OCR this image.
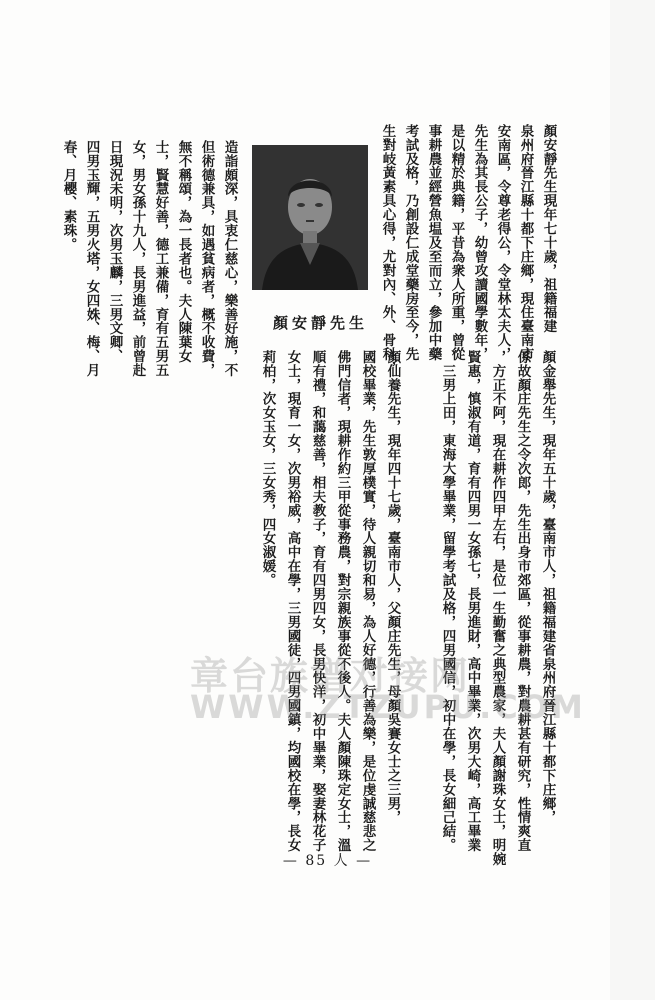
顏安靜先生現年七十歲，祖籍福建
泉州府晉江縣十都下庄鄉，現住臺南市
安南區，令尊老得公，令堂林太夫人，
先生為其長公子，幼曾攻讀國學數年，
是以精於典籍，平昔為衆人所重，曾從
事耕農並經營魚塭及至而立，參加中藥
考試及格，乃創設仁成堂藥房至今，先
生對岐黃素具心得，尤對內、外、骨科，
顏安靜先生
造詣頗深，具衷仁慈心，樂善好施，不
但術德兼具，如遇貧病者，概不收費，
無不稱頌，為一長者也。夫人陳葉女
士，賢慧好善，德工兼備，育有五男五
女，男女孫十九人，長男進益，前曾赴
日現況未明，次男玉麟，三男文卿、
四男玉輝，五男火塔，女四姝、梅、月
春、月櫻、素珠。
顏金舉先生，現年五十歲，臺南市人，祖籍福建省泉州府晉江縣十都下庄鄉，
係故顏庄先生之令次郎，先生出身市郊區，從事耕農，對農耕甚有研究，性情爽直
，方正不阿，現在耕作四甲左右，是位一生勤奮之典型農家，夫人顏謝珠女士，明婉
賢惠，慎淑有道，育有四男一女孫七，長男進財，高中畢業，次男大崎，高工畢業
、三男上田，東海大學畢業，留學考試及格，四男國信，初中在學，長女細己結。
顏仙養先生，現年四十七歲，臺南市人，父顏庄先生，母顏吳賽女士之三男，
國校畢業，先生敦厚樸實，待人親切和易，為人好德，行善為樂，是位虔誠慈悲之
佛門信者，現耕作約三甲從事務農，對宗親族事從不後人。夫人顏陳珠定女士，溫
順有禮，和藹慈善，相夫教子，育有四男四女，長男快洋，初中畢業，娶妻林花子
女士，現育一女，次男裕威，高中在學，三男國徒，四男國鎮，均國校在學，長女
莉柏，次女玉女，三女秀，四女淑媛。
章台族谱对接网
WWW.ZTZUPU.COM
— 85 人 —
